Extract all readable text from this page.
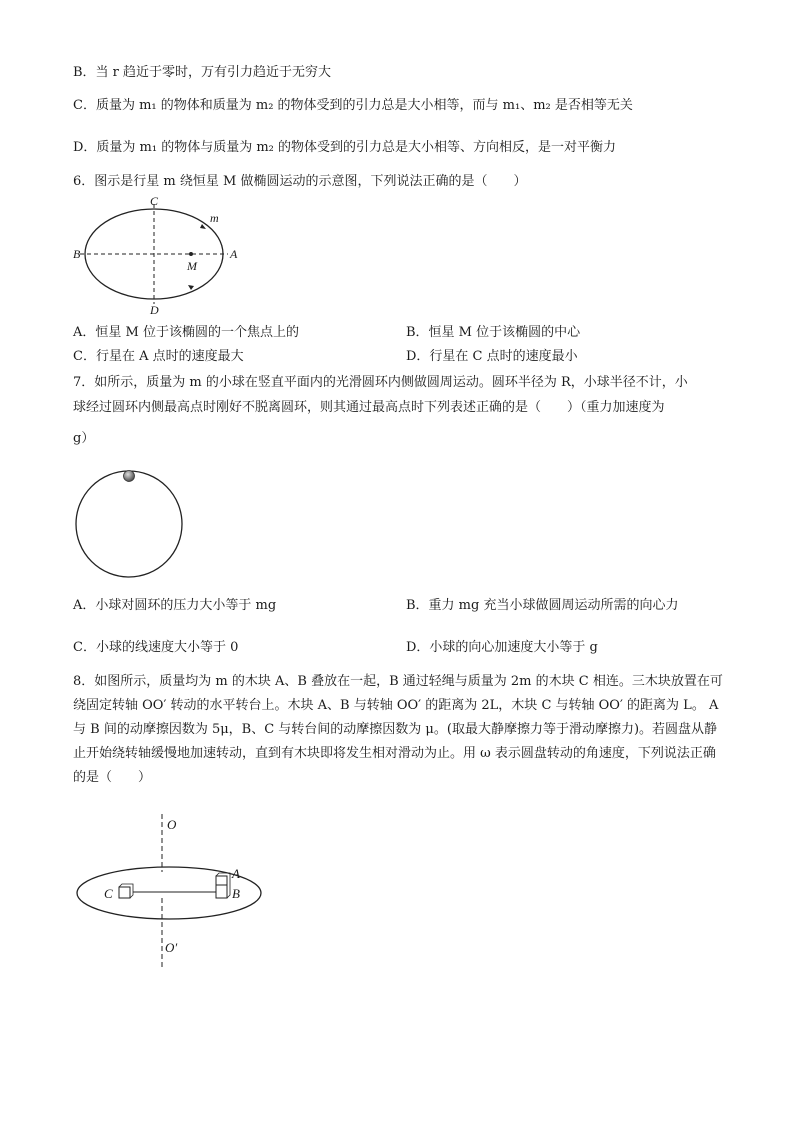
B．当 r 趋近于零时，万有引力趋近于无穷大
C．质量为 m₁ 的物体和质量为 m₂ 的物体受到的引力总是大小相等，而与 m₁、m₂ 是否相等无关
D．质量为 m₁ 的物体与质量为 m₂ 的物体受到的引力总是大小相等、方向相反，是一对平衡力
6．图示是行星 m 绕恒星 M 做椭圆运动的示意图，下列说法正确的是（　　）
C
m
B
M
A
D
A．恒星 M 位于该椭圆的一个焦点上的	B．恒星 M 位于该椭圆的中心
C．行星在 A 点时的速度最大	D．行星在 C 点时的速度最小
7．如所示，质量为 m 的小球在竖直平面内的光滑圆环内侧做圆周运动。圆环半径为 R，小球半径不计，小
球经过圆环内侧最高点时刚好不脱离圆环，则其通过最高点时下列表述正确的是（　　）（重力加速度为
g）
A．小球对圆环的压力大小等于 mg	B．重力 mg 充当小球做圆周运动所需的向心力
C．小球的线速度大小等于 0	D．小球的向心加速度大小等于 g
8．如图所示，质量均为 m 的木块 A、B 叠放在一起，B 通过轻绳与质量为 2m 的木块 C 相连。三木块放置在可绕固定转轴 OO′ 转动的水平转台上。木块 A、B 与转轴 OO′ 的距离为 2L，木块 C 与转轴 OO′ 的距离为 L。 A 与 B 间的动摩擦因数为 5μ，B、C 与转台间的动摩擦因数为 μ。(取最大静摩擦力等于滑动摩擦力)。若圆盘从静止开始绕转轴缓慢地加速转动，直到有木块即将发生相对滑动为止。用 ω 表示圆盘转动的角速度，下列说法正确的是（　　）
O
C
A
B
O′
